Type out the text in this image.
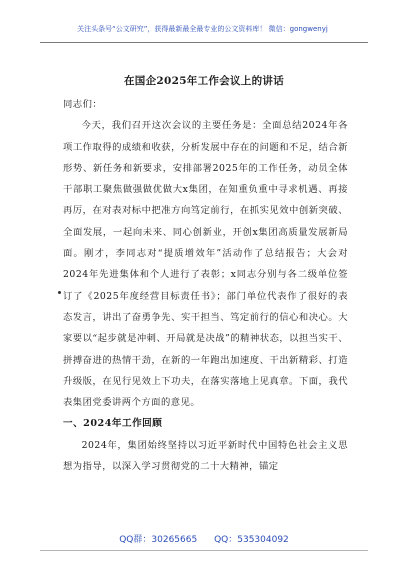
关注头条号“公文研究”，获得最新最全最专业的公文资料库！ 微信：gongwenyj
在国企2025年工作会议上的讲话

同志们：

今天，我们召开这次会议的主要任务是：全面总结2024年各项工作取得的成绩和收获，分析发展中存在的问题和不足，结合新形势、新任务和新要求，安排部署2025年的工作任务，动员全体干部职工聚焦做强做优做大x集团，在知重负重中寻求机遇、再接再厉，在对表对标中把准方向笃定前行，在抓实见效中创新突破、全面发展，一起向未来、同心创新业，开创x集团高质量发展新局面。刚才，李同志对“提质增效年”活动作了总结报告；大会对2024年先进集体和个人进行了表彰；x同志分别与各二级单位签订了《2025年度经营目标责任书》；部门单位代表作了很好的表态发言，讲出了奋勇争先、实干担当、笃定前行的信心和决心。大家要以“起步就是冲刺、开局就是决战”的精神状态，以担当实干、拼搏奋进的热情干劲，在新的一年跑出加速度、干出新精彩、打造升级版，在见行见效上下功夫，在落实落地上见真章。下面，我代表集团党委讲两个方面的意见。

一、2024年工作回顾

2024年，集团始终坚持以习近平新时代中国特色社会主义思想为指导，以深入学习贯彻党的二十大精神，锚定

QQ群：30265665 QQ：535304092
